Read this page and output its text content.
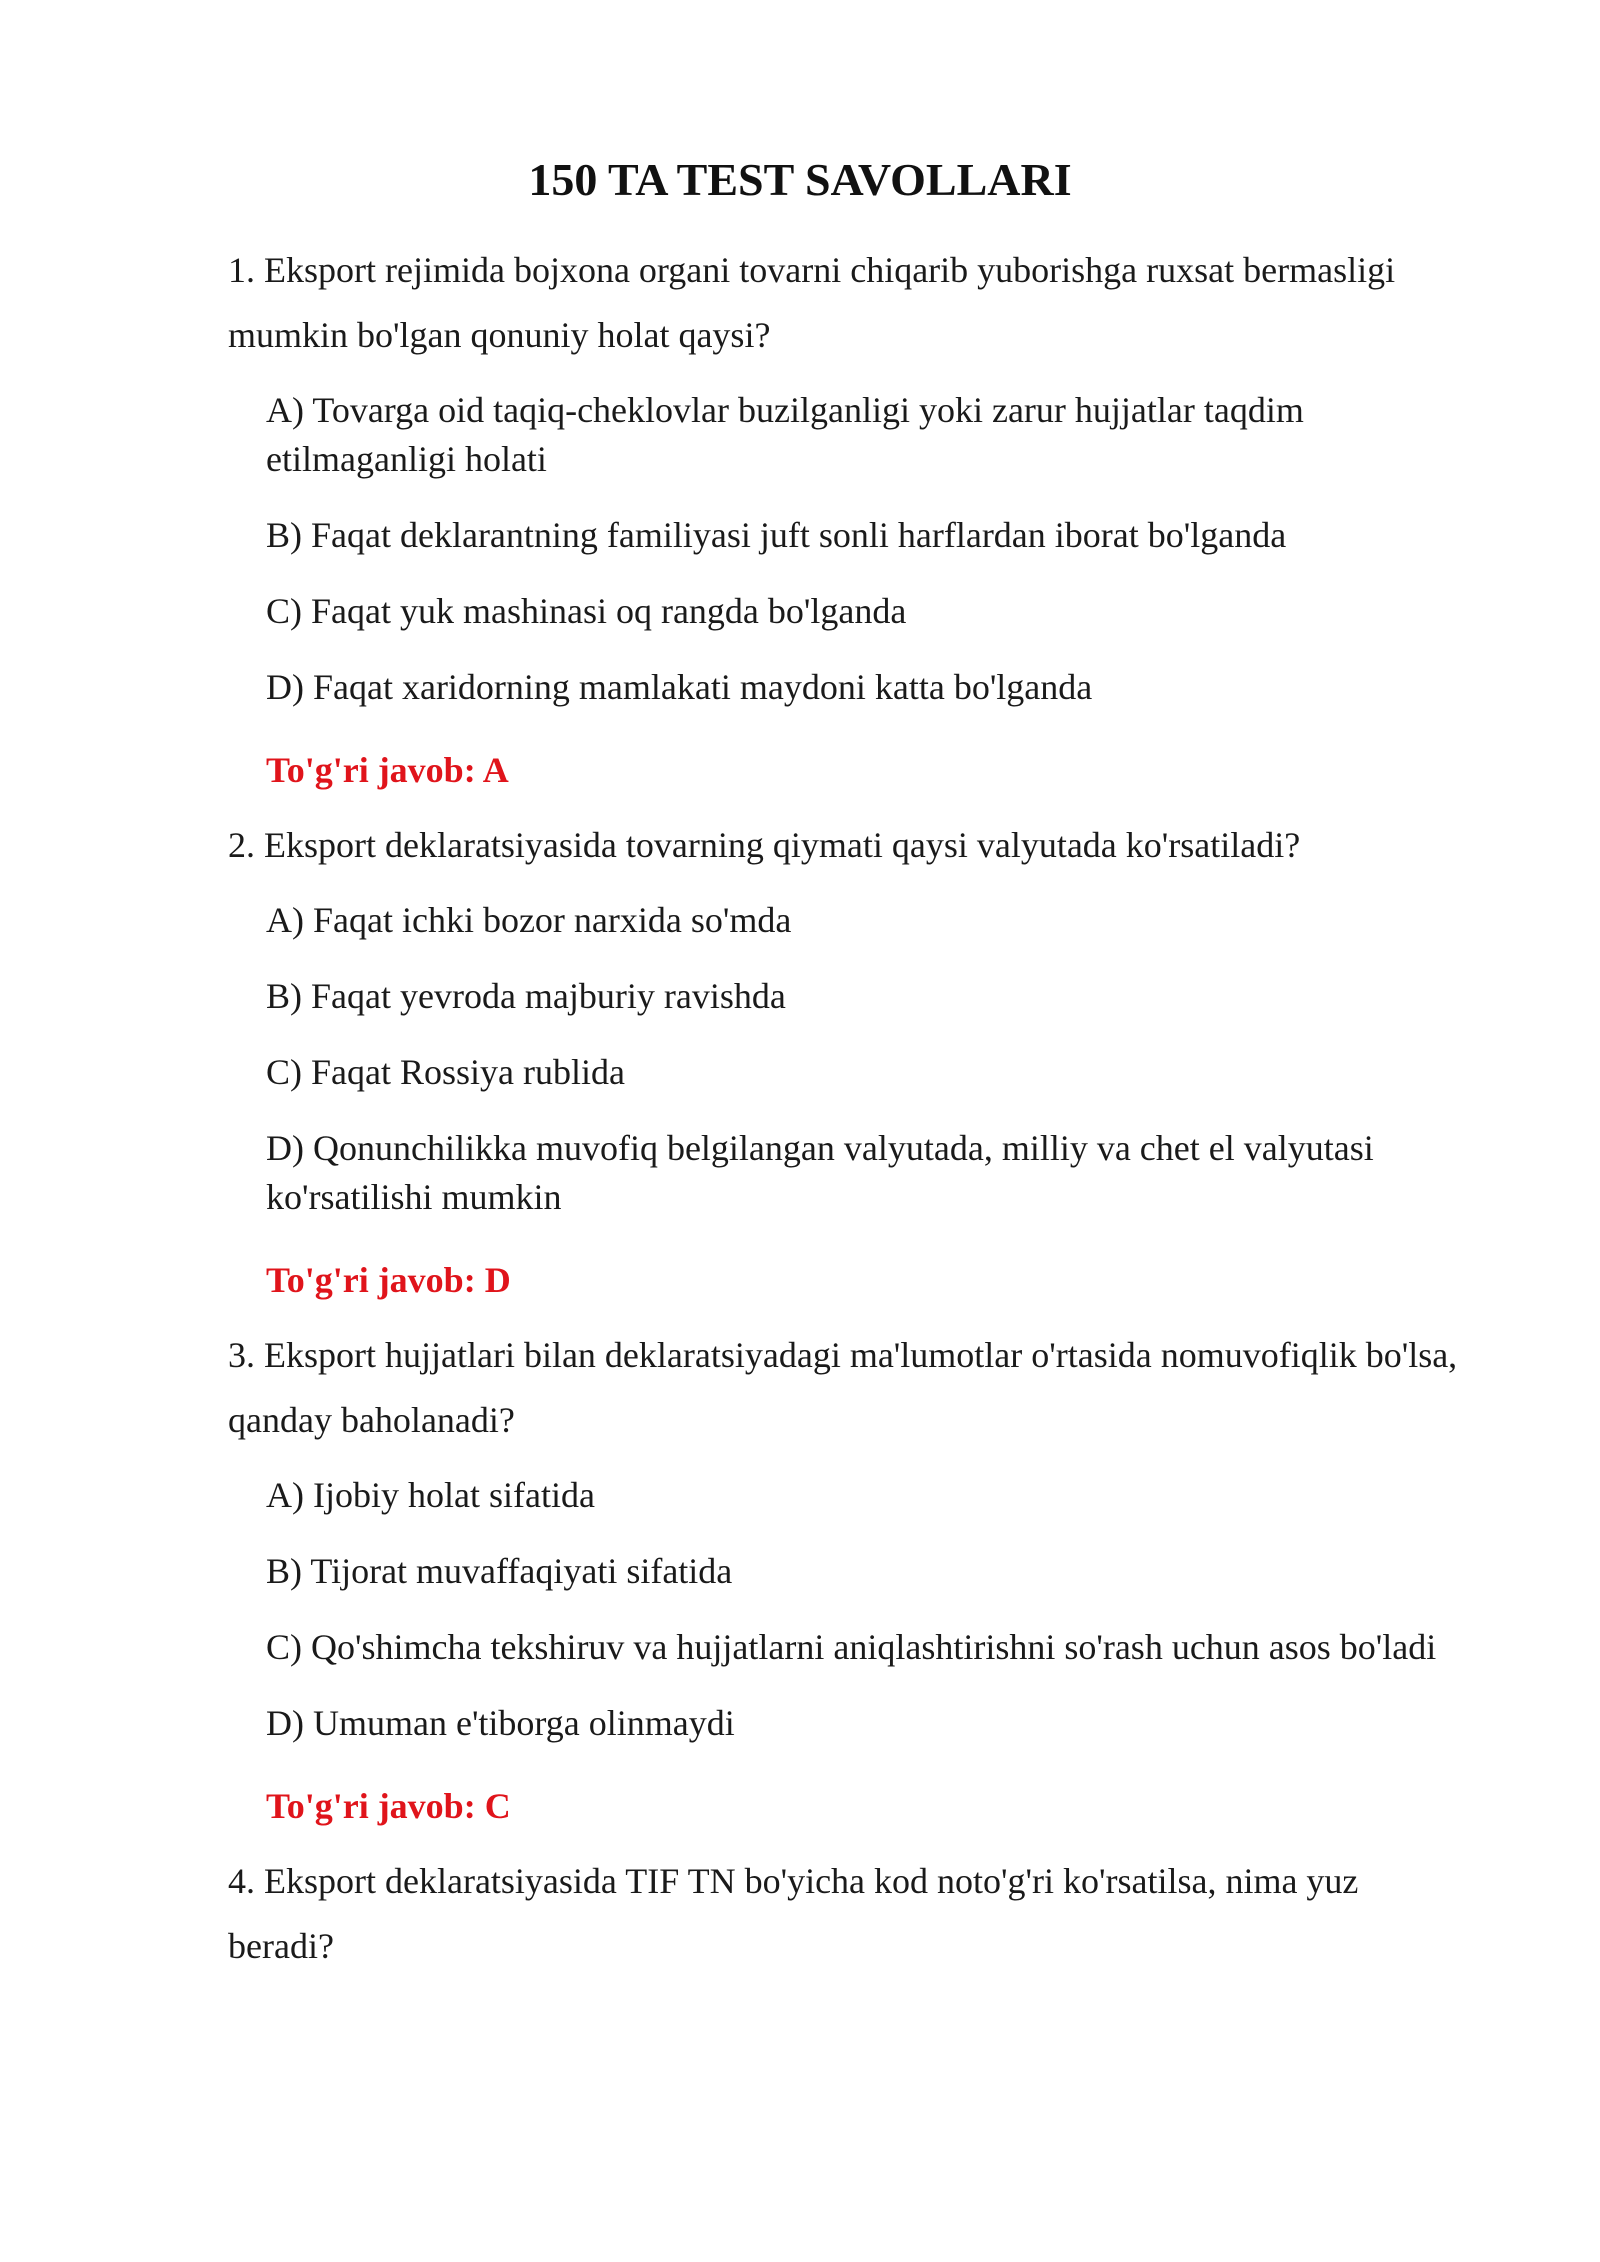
150 TA TEST SAVOLLARI

1. Eksport rejimida bojxona organi tovarni chiqarib yuborishga ruxsat bermasligi mumkin bo'lgan qonuniy holat qaysi?

A) Tovarga oid taqiq-cheklovlar buzilganligi yoki zarur hujjatlar taqdim etilmaganligi holati
B) Faqat deklarantning familiyasi juft sonli harflardan iborat bo'lganda
C) Faqat yuk mashinasi oq rangda bo'lganda
D) Faqat xaridorning mamlakati maydoni katta bo'lganda
To'g'ri javob: A

2. Eksport deklaratsiyasida tovarning qiymati qaysi valyutada ko'rsatiladi?

A) Faqat ichki bozor narxida so'mda
B) Faqat yevroda majburiy ravishda
C) Faqat Rossiya rublida
D) Qonunchilikka muvofiq belgilangan valyutada, milliy va chet el valyutasi ko'rsatilishi mumkin
To'g'ri javob: D

3. Eksport hujjatlari bilan deklaratsiyadagi ma'lumotlar o'rtasida nomuvofiqlik bo'lsa, qanday baholanadi?

A) Ijobiy holat sifatida
B) Tijorat muvaffaqiyati sifatida
C) Qo'shimcha tekshiruv va hujjatlarni aniqlashtirishni so'rash uchun asos bo'ladi
D) Umuman e'tiborga olinmaydi
To'g'ri javob: C

4. Eksport deklaratsiyasida TIF TN bo'yicha kod noto'g'ri ko'rsatilsa, nima yuz beradi?
